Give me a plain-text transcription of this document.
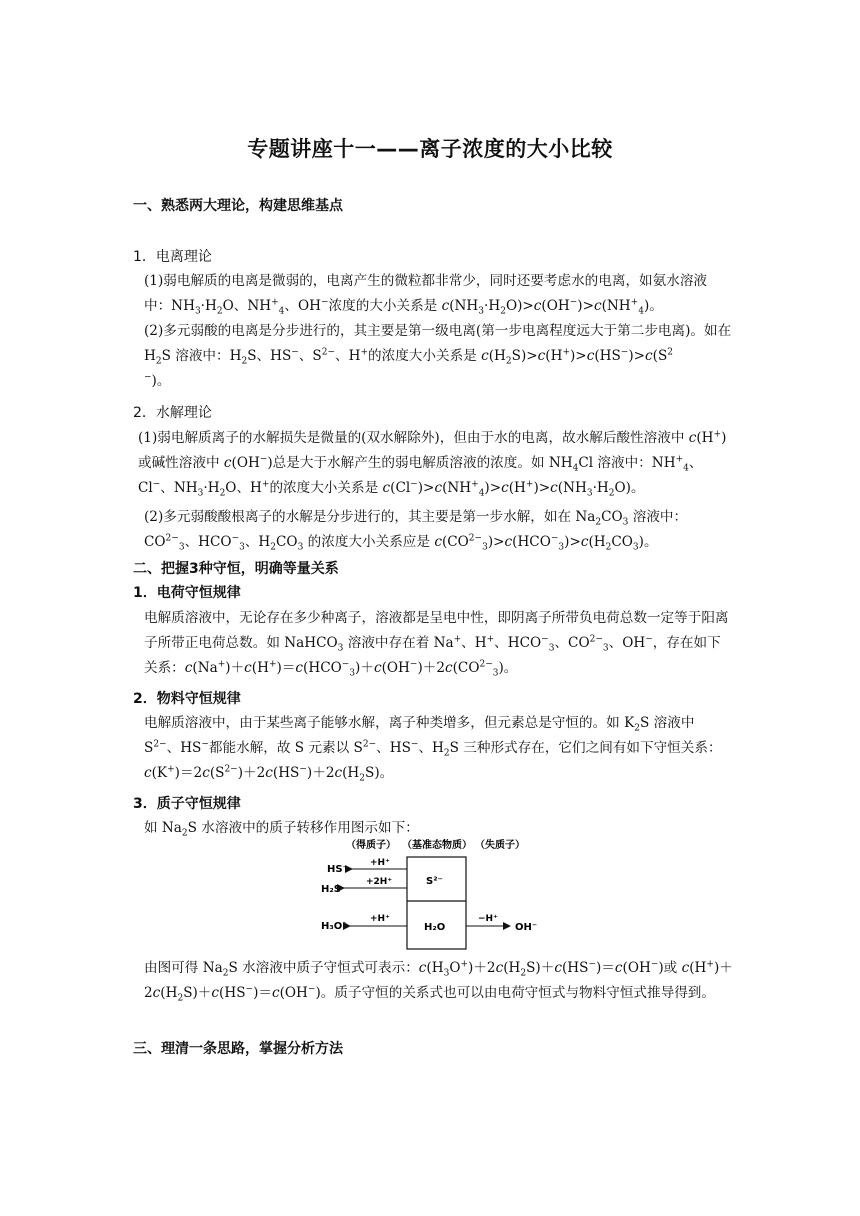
专题讲座十一——离子浓度的大小比较
一、熟悉两大理论，构建思维基点
1．电离理论
(1)弱电解质的电离是微弱的，电离产生的微粒都非常少，同时还要考虑水的电离，如氨水溶液中：$NH_3\cdot H_2O$、$NH^+_4$、OH−浓度的大小关系是 $c(NH_3\cdot H_2O)>c(OH^-)>c(NH^+_4)$。
(2)多元弱酸的电离是分步进行的，其主要是第一级电离(第一步电离程度远大于第二步电离)。如在 $H_2S$ 溶液中：$H_2S$、HS−、$S^{2-}$、H+的浓度大小关系是 $c(H_2S)>c(H^+)>c(HS^-)>c(S^2$
−)。
2．水解理论
(1)弱电解质离子的水解损失是微量的(双水解除外)，但由于水的电离，故水解后酸性溶液中 c(H+)或碱性溶液中 c(OH−)总是大于水解产生的弱电解质溶液的浓度。如 $NH_4Cl$ 溶液中：$NH^+_4$、Cl−、$NH_3\cdot H_2O$、H+的浓度大小关系是 $c(Cl^-)>c(NH^+_4)>c(H^+)>c(NH_3\cdot H_2O)$。
(2)多元弱酸酸根离子的水解是分步进行的，其主要是第一步水解，如在 $Na_2CO_3$ 溶液中：$CO^{2-}_3$、$HCO^-_3$、$H_2CO_3$ 的浓度大小关系应是 $c(CO^{2-}_3)>c(HCO^-_3)>c(H_2CO_3)$。
二、把握3种守恒，明确等量关系
1．电荷守恒规律
电解质溶液中，无论存在多少种离子，溶液都是呈电中性，即阴离子所带负电荷总数一定等于阳离子所带正电荷总数。如 NaHCO$_3$ 溶液中存在着 Na+、H+、$HCO^-_3$、$CO^{2-}_3$、OH−，存在如下关系：$c(Na^+)+c(H^+)=c(HCO^-_3)+c(OH^-)+2c(CO^{2-}_3)$。
2．物料守恒规律
电解质溶液中，由于某些离子能够水解，离子种类增多，但元素总是守恒的。如 $K_2S$ 溶液中 $S^{2-}$、HS−都能水解，故 S 元素以 $S^{2-}$、HS−、$H_2S$ 三种形式存在，它们之间有如下守恒关系：$c(K^+)=2c(S^{2-})+2c(HS^-)+2c(H_2S)$。
3．质子守恒规律
如 $Na_2S$ 水溶液中的质子转移作用图示如下：
（得质子） （基准态物质） （失质子）
S²⁻
H₂O
HS⁻
+H⁺
H₂S
+2H⁺
H₃O⁺
+H⁺	−H⁺
OH⁻
由图可得 $Na_2S$ 水溶液中质子守恒式可表示：$c(H_3O^+)+2c(H_2S)+c(HS^-)=c(OH^-)$或 $c(H^+)+2c(H_2S)+c(HS^-)=c(OH^-)$。质子守恒的关系式也可以由电荷守恒式与物料守恒式推导得到。
三、理清一条思路，掌握分析方法
